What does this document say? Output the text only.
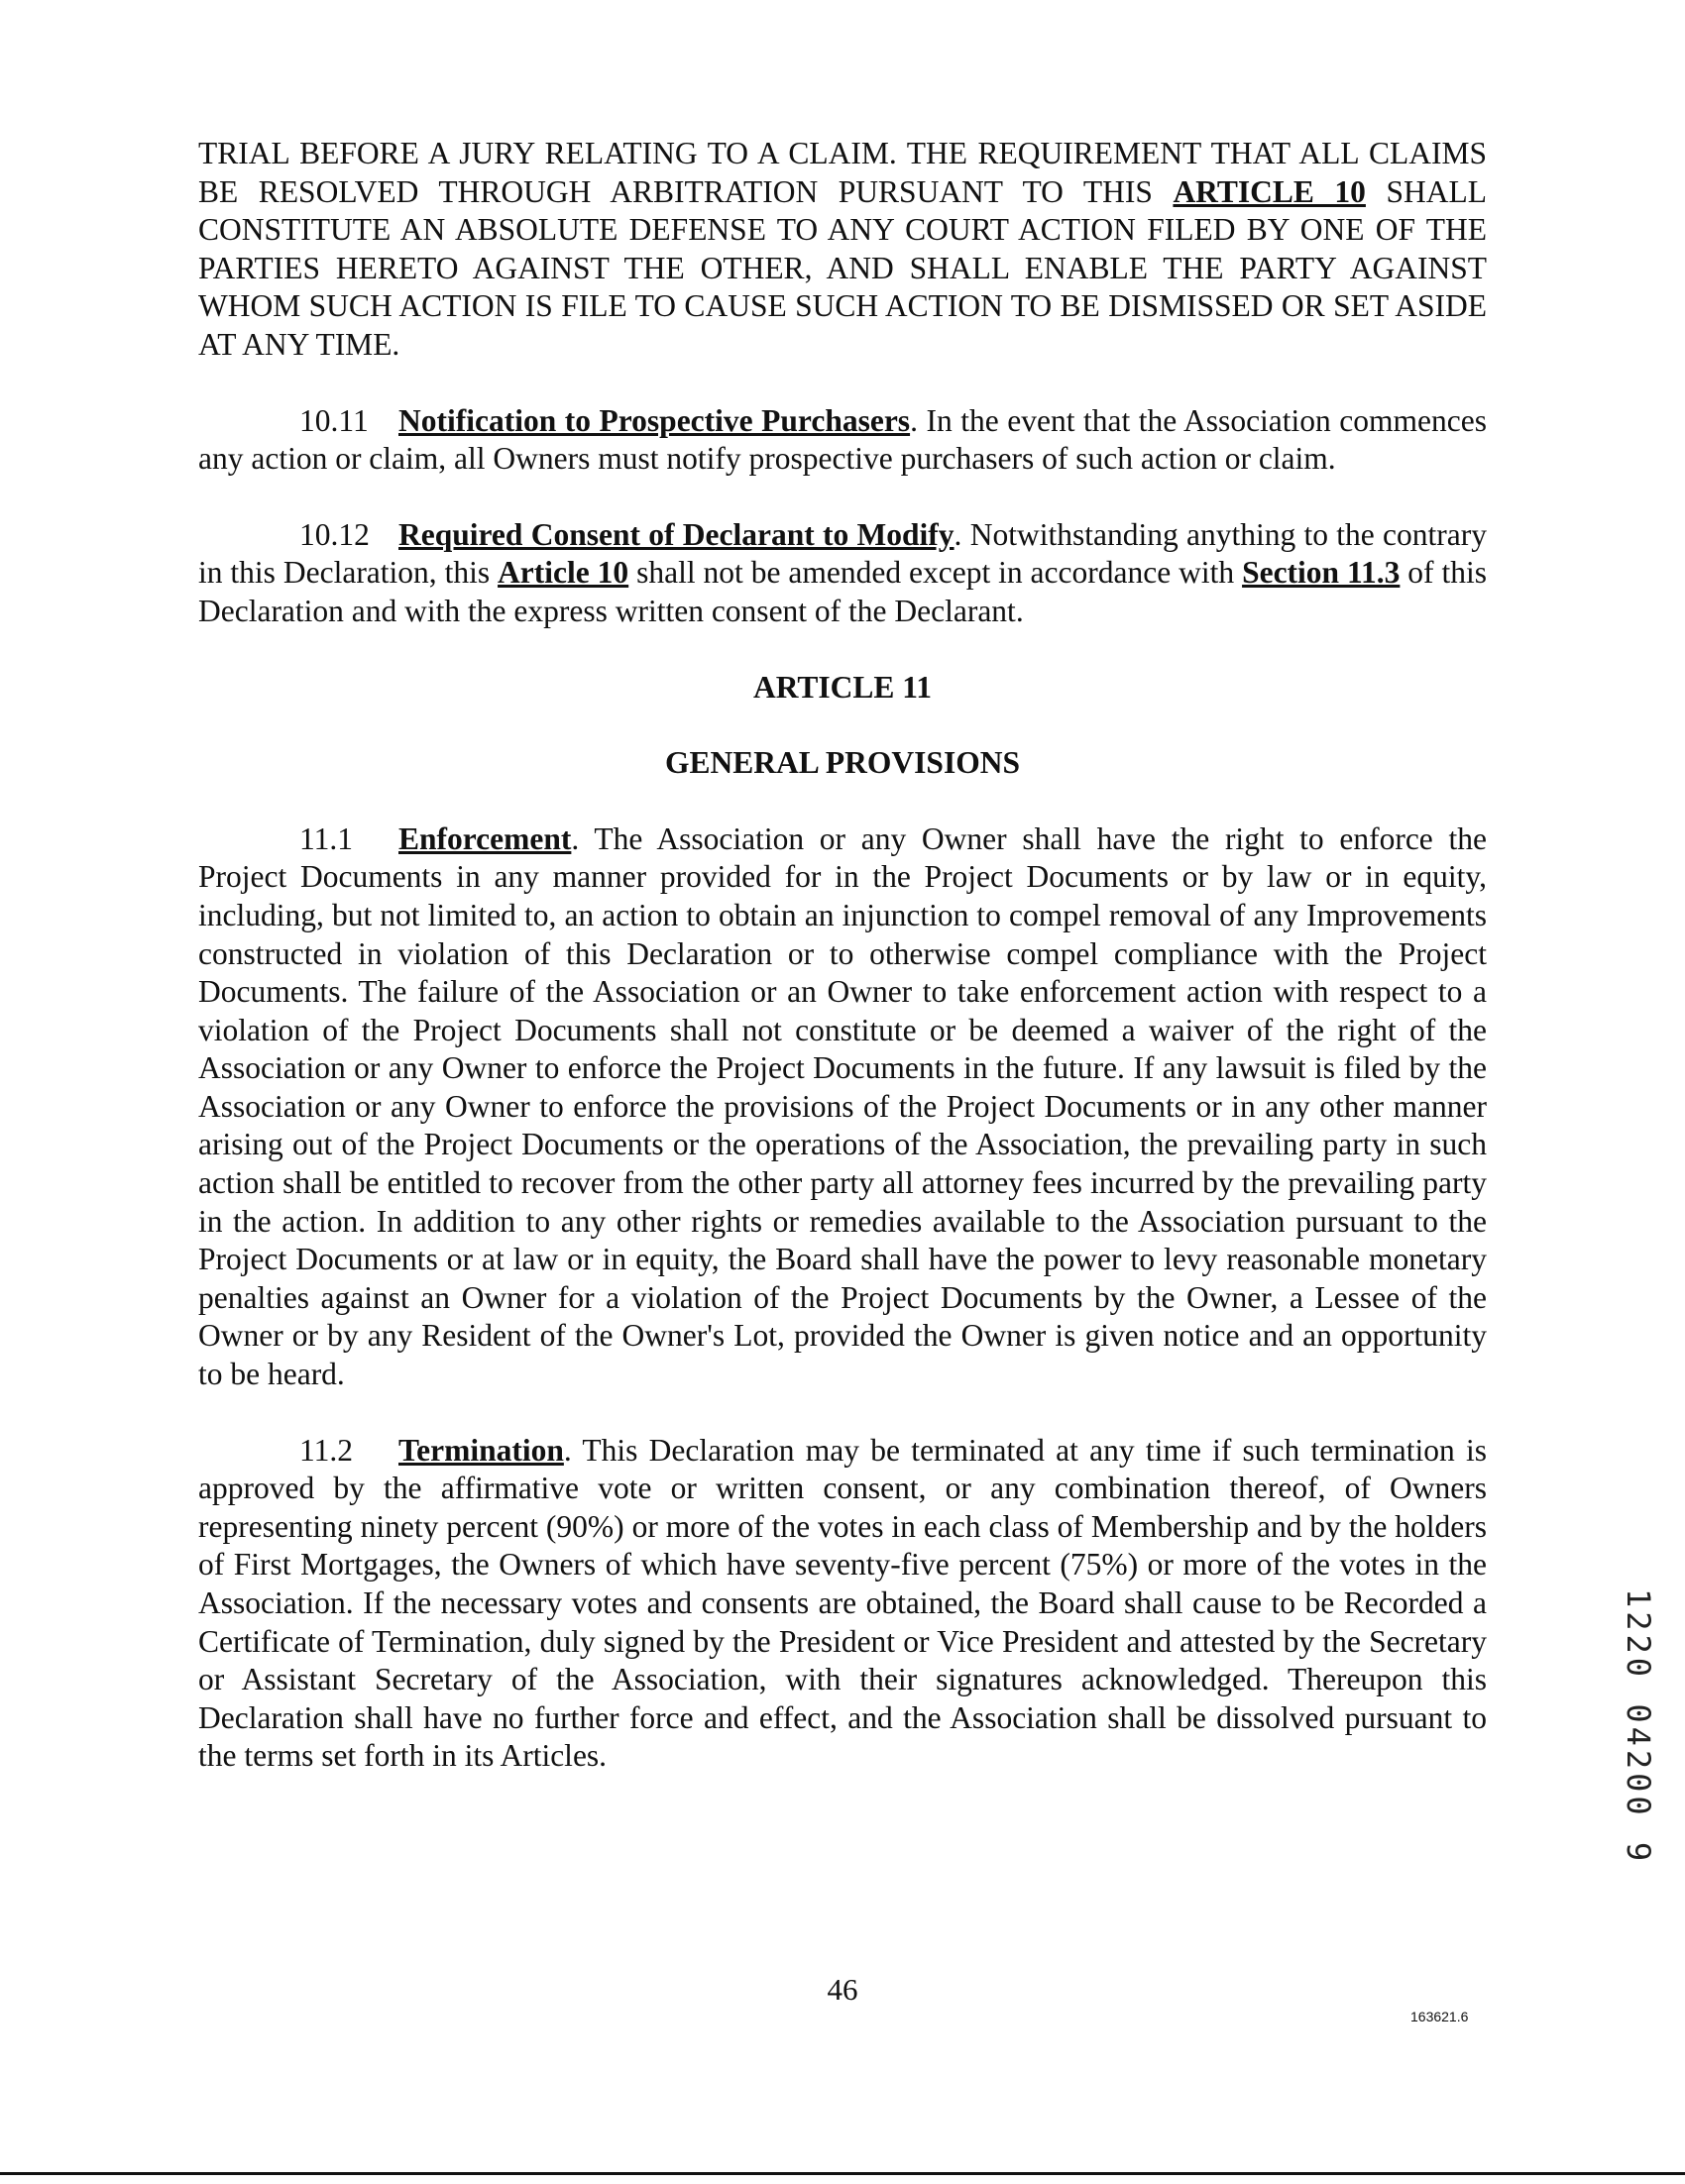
TRIAL BEFORE A JURY RELATING TO A CLAIM. THE REQUIREMENT THAT ALL CLAIMS BE RESOLVED THROUGH ARBITRATION PURSUANT TO THIS ARTICLE 10 SHALL CONSTITUTE AN ABSOLUTE DEFENSE TO ANY COURT ACTION FILED BY ONE OF THE PARTIES HERETO AGAINST THE OTHER, AND SHALL ENABLE THE PARTY AGAINST WHOM SUCH ACTION IS FILE TO CAUSE SUCH ACTION TO BE DISMISSED OR SET ASIDE AT ANY TIME.

10.11 Notification to Prospective Purchasers. In the event that the Association commences any action or claim, all Owners must notify prospective purchasers of such action or claim.

10.12 Required Consent of Declarant to Modify. Notwithstanding anything to the contrary in this Declaration, this Article 10 shall not be amended except in accordance with Section 11.3 of this Declaration and with the express written consent of the Declarant.

ARTICLE 11

GENERAL PROVISIONS

11.1 Enforcement. The Association or any Owner shall have the right to enforce the Project Documents in any manner provided for in the Project Documents or by law or in equity, including, but not limited to, an action to obtain an injunction to compel removal of any Improvements constructed in violation of this Declaration or to otherwise compel compliance with the Project Documents. The failure of the Association or an Owner to take enforcement action with respect to a violation of the Project Documents shall not constitute or be deemed a waiver of the right of the Association or any Owner to enforce the Project Documents in the future. If any lawsuit is filed by the Association or any Owner to enforce the provisions of the Project Documents or in any other manner arising out of the Project Documents or the operations of the Association, the prevailing party in such action shall be entitled to recover from the other party all attorney fees incurred by the prevailing party in the action. In addition to any other rights or remedies available to the Association pursuant to the Project Documents or at law or in equity, the Board shall have the power to levy reasonable monetary penalties against an Owner for a violation of the Project Documents by the Owner, a Lessee of the Owner or by any Resident of the Owner's Lot, provided the Owner is given notice and an opportunity to be heard.

11.2 Termination. This Declaration may be terminated at any time if such termination is approved by the affirmative vote or written consent, or any combination thereof, of Owners representing ninety percent (90%) or more of the votes in each class of Membership and by the holders of First Mortgages, the Owners of which have seventy-five percent (75%) or more of the votes in the Association. If the necessary votes and consents are obtained, the Board shall cause to be Recorded a Certificate of Termination, duly signed by the President or Vice President and attested by the Secretary or Assistant Secretary of the Association, with their signatures acknowledged. Thereupon this Declaration shall have no further force and effect, and the Association shall be dissolved pursuant to the terms set forth in its Articles.	1220 04200 9
46
163621.6
